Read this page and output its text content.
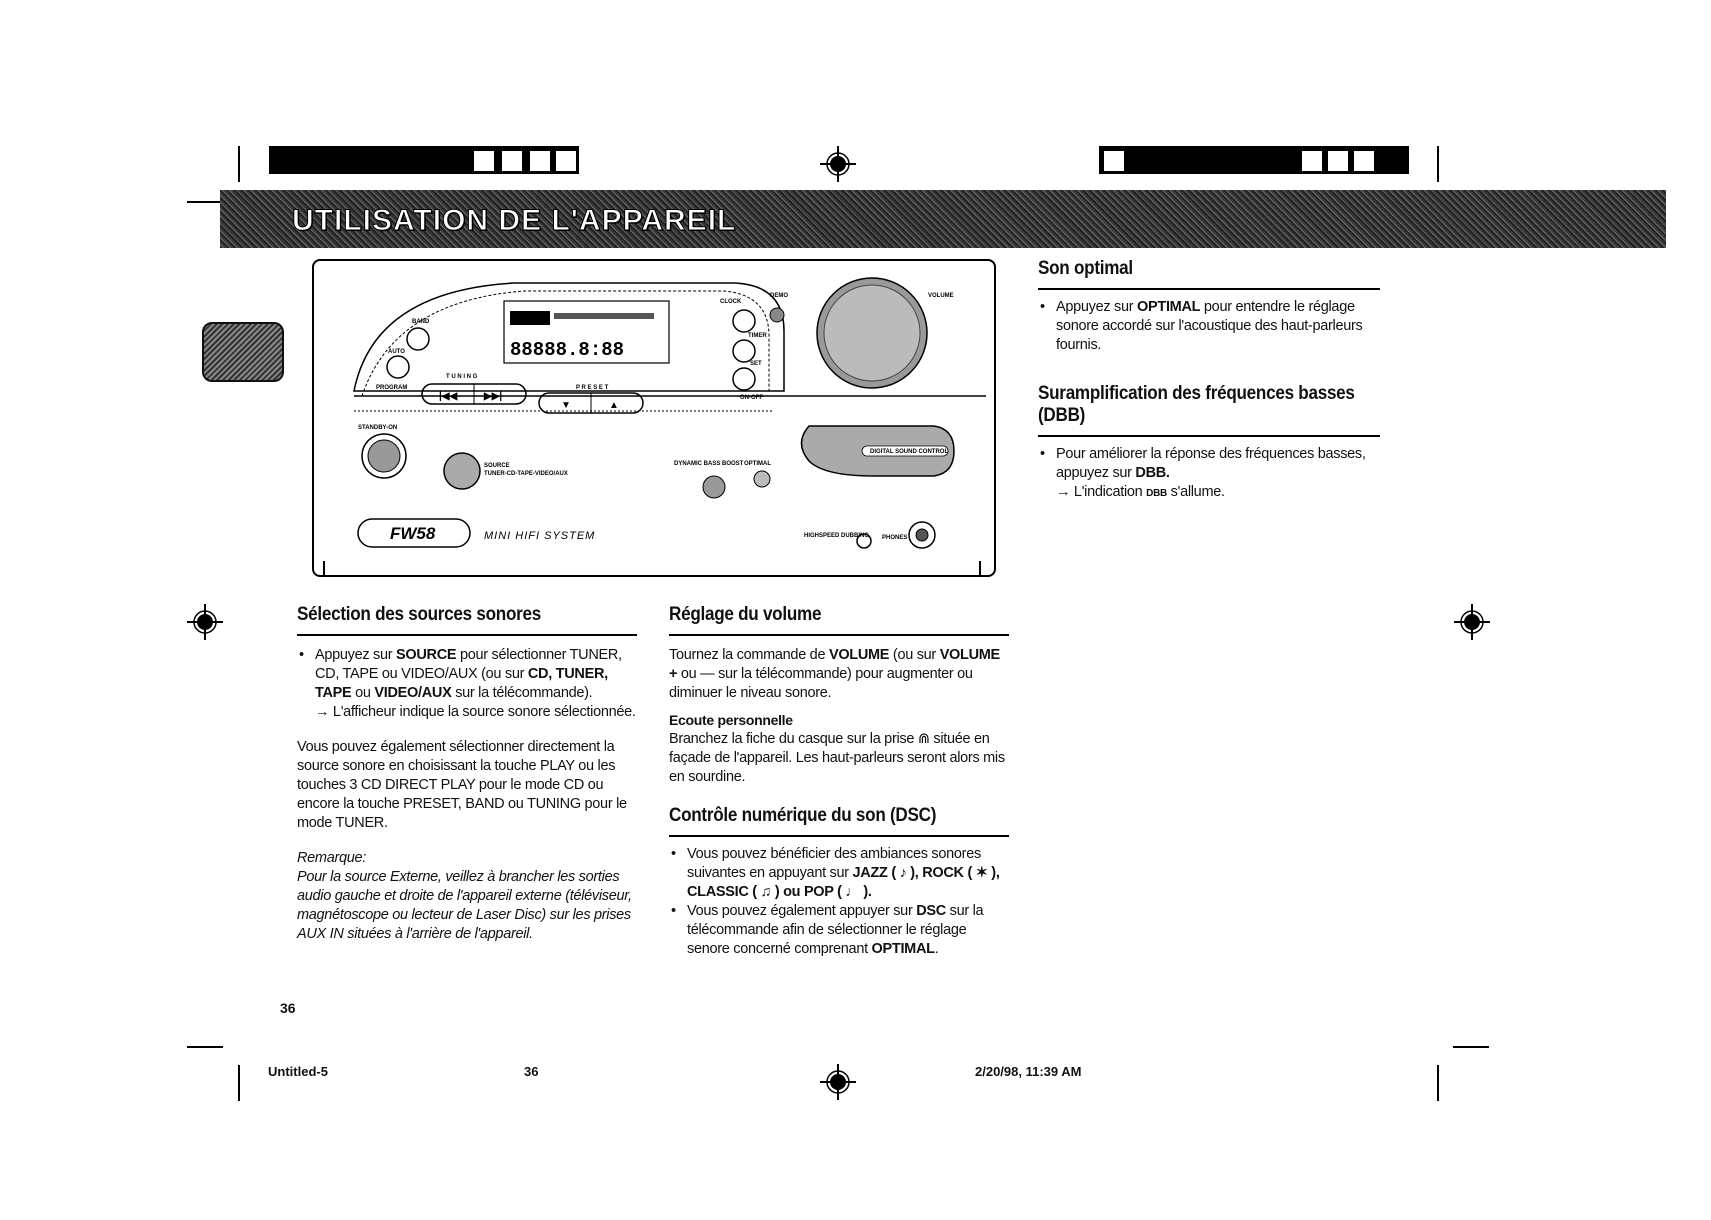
UTILISATION DE L'APPAREIL
88888.8:88
BAND
AUTO
PROGRAM
T U N I N G
|◀◀	▶▶|
P R E S E T
▼	▲
CLOCK
DEMO
TIMER
SET
ON-OFF
VOLUME
STANDBY-ON
SOURCE
TUNER-CD-TAPE-VIDEO/AUX
DYNAMIC BASS BOOST OPTIMAL
DIGITAL SOUND CONTROL
FW58	MINI HIFI SYSTEM	HIGHSPEED DUBBING PHONES
Son optimal

• Appuyez sur OPTIMAL pour entendre le réglage sonore accordé sur l'acoustique des haut-parleurs fournis.

Suramplification des fréquences basses (DBB)

• Pour améliorer la réponse des fréquences basses, appuyez sur DBB.

→ L'indication DBB s'allume.

Sélection des sources sonores

• Appuyez sur SOURCE pour sélectionner TUNER, CD, TAPE ou VIDEO/AUX (ou sur CD, TUNER, TAPE ou VIDEO/AUX sur la télécommande).

→ L'afficheur indique la source sonore sélectionnée.

Vous pouvez également sélectionner directement la source sonore en choisissant la touche PLAY ou les touches 3 CD DIRECT PLAY pour le mode CD ou encore la touche PRESET, BAND ou TUNING pour le mode TUNER.

Remarque:

Pour la source Externe, veillez à brancher les sorties audio gauche et droite de l'appareil externe (téléviseur, magnétoscope ou lecteur de Laser Disc) sur les prises AUX IN situées à l'arrière de l'appareil.

Réglage du volume

Tournez la commande de VOLUME (ou sur VOLUME + ou — sur la télécommande) pour augmenter ou diminuer le niveau sonore.

Ecoute personnelle

Branchez la fiche du casque sur la prise ⋒ située en façade de l'appareil. Les haut-parleurs seront alors mis en sourdine.

Contrôle numérique du son (DSC)

• Vous pouvez bénéficier des ambiances sonores suivantes en appuyant sur JAZZ ( ♪ ), ROCK ( ✶ ), CLASSIC ( ♫ ) ou POP ( ♩ ).

• Vous pouvez également appuyer sur DSC sur la télécommande afin de sélectionner le réglage senore concerné comprenant OPTIMAL.

36
Untitled-5	36	2/20/98, 11:39 AM
